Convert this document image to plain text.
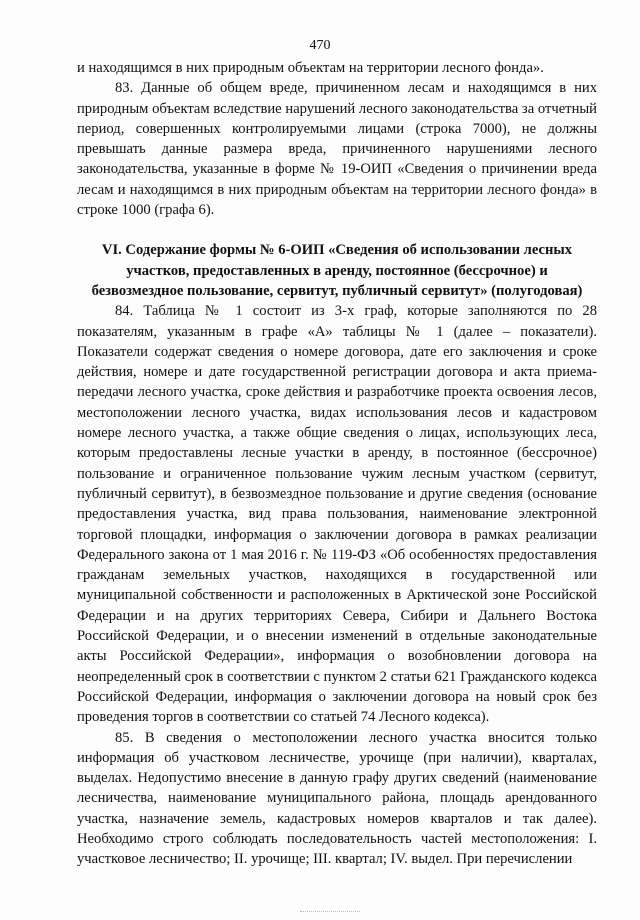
470

и находящимся в них природным объектам на территории лесного фонда».

83. Данные об общем вреде, причиненном лесам и находящимся в них природным объектам вследствие нарушений лесного законодательства за отчетный период, совершенных контролируемыми лицами (строка 7000), не должны превышать данные размера вреда, причиненного нарушениями лесного законодательства, указанные в форме № 19-ОИП «Сведения о причинении вреда лесам и находящимся в них природным объектам на территории лесного фонда» в строке 1000 (графа 6).

VI. Содержание формы № 6-ОИП «Сведения об использовании лесных участков, предоставленных в аренду, постоянное (бессрочное) и безвозмездное пользование, сервитут, публичный сервитут» (полугодовая)

84. Таблица № 1 состоит из 3-х граф, которые заполняются по 28 показателям, указанным в графе «А» таблицы № 1 (далее – показатели). Показатели содержат сведения о номере договора, дате его заключения и сроке действия, номере и дате государственной регистрации договора и акта приема-передачи лесного участка, сроке действия и разработчике проекта освоения лесов, местоположении лесного участка, видах использования лесов и кадастровом номере лесного участка, а также общие сведения о лицах, использующих леса, которым предоставлены лесные участки в аренду, в постоянное (бессрочное) пользование и ограниченное пользование чужим лесным участком (сервитут, публичный сервитут), в безвозмездное пользование и другие сведения (основание предоставления участка, вид права пользования, наименование электронной торговой площадки, информация о заключении договора в рамках реализации Федерального закона от 1 мая 2016 г. № 119-ФЗ «Об особенностях предоставления гражданам земельных участков, находящихся в государственной или муниципальной собственности и расположенных в Арктической зоне Российской Федерации и на других территориях Севера, Сибири и Дальнего Востока Российской Федерации, и о внесении изменений в отдельные законодательные акты Российской Федерации», информация о возобновлении договора на неопределенный срок в соответствии с пунктом 2 статьи 621 Гражданского кодекса Российской Федерации, информация о заключении договора на новый срок без проведения торгов в соответствии со статьей 74 Лесного кодекса).

85. В сведения о местоположении лесного участка вносится только информация об участковом лесничестве, урочище (при наличии), кварталах, выделах. Недопустимо внесение в данную графу других сведений (наименование лесничества, наименование муниципального района, площадь арендованного участка, назначение земель, кадастровых номеров кварталов и так далее). Необходимо строго соблюдать последовательность частей местоположения: I. участковое лесничество; II. урочище; III. квартал; IV. выдел. При перечислении
